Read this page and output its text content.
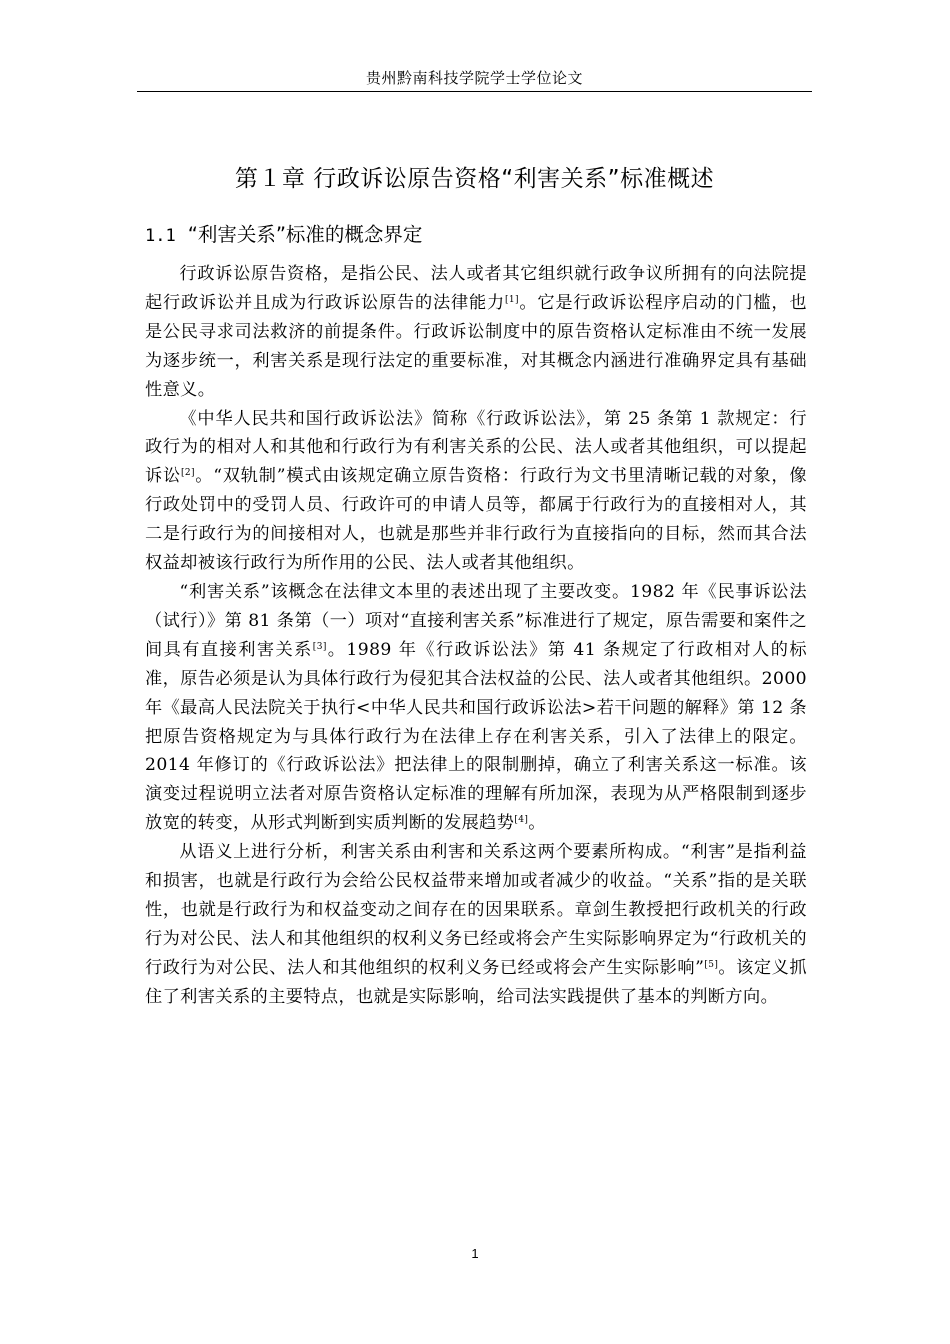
贵州黔南科技学院学士学位论文
第１章 行政诉讼原告资格“利害关系”标准概述
1.1 “利害关系”标准的概念界定

行政诉讼原告资格，是指公民、法人或者其它组织就行政争议所拥有的向法院提起行政诉讼并且成为行政诉讼原告的法律能力[1]。它是行政诉讼程序启动的门槛，也是公民寻求司法救济的前提条件。行政诉讼制度中的原告资格认定标准由不统一发展为逐步统一，利害关系是现行法定的重要标准，对其概念内涵进行准确界定具有基础性意义。

《中华人民共和国行政诉讼法》简称《行政诉讼法》，第 25 条第 1 款规定：行政行为的相对人和其他和行政行为有利害关系的公民、法人或者其他组织，可以提起诉讼[2]。“双轨制”模式由该规定确立原告资格：行政行为文书里清晰记载的对象，像行政处罚中的受罚人员、行政许可的申请人员等，都属于行政行为的直接相对人，其二是行政行为的间接相对人，也就是那些并非行政行为直接指向的目标，然而其合法权益却被该行政行为所作用的公民、法人或者其他组织。

“利害关系”该概念在法律文本里的表述出现了主要改变。1982 年《民事诉讼法（试行）》第 81 条第（一）项对“直接利害关系”标准进行了规定，原告需要和案件之间具有直接利害关系[3]。1989 年《行政诉讼法》第 41 条规定了行政相对人的标准，原告必须是认为具体行政行为侵犯其合法权益的公民、法人或者其他组织。2000 年《最高人民法院关于执行<中华人民共和国行政诉讼法>若干问题的解释》第 12 条把原告资格规定为与具体行政行为在法律上存在利害关系，引入了法律上的限定。2014 年修订的《行政诉讼法》把法律上的限制删掉，确立了利害关系这一标准。该演变过程说明立法者对原告资格认定标准的理解有所加深，表现为从严格限制到逐步放宽的转变，从形式判断到实质判断的发展趋势[4]。

从语义上进行分析，利害关系由利害和关系这两个要素所构成。“利害”是指利益和损害，也就是行政行为会给公民权益带来增加或者减少的收益。“关系”指的是关联性，也就是行政行为和权益变动之间存在的因果联系。章剑生教授把行政机关的行政行为对公民、法人和其他组织的权利义务已经或将会产生实际影响界定为“行政机关的行政行为对公民、法人和其他组织的权利义务已经或将会产生实际影响”[5]。该定义抓住了利害关系的主要特点，也就是实际影响，给司法实践提供了基本的判断方向。

1
